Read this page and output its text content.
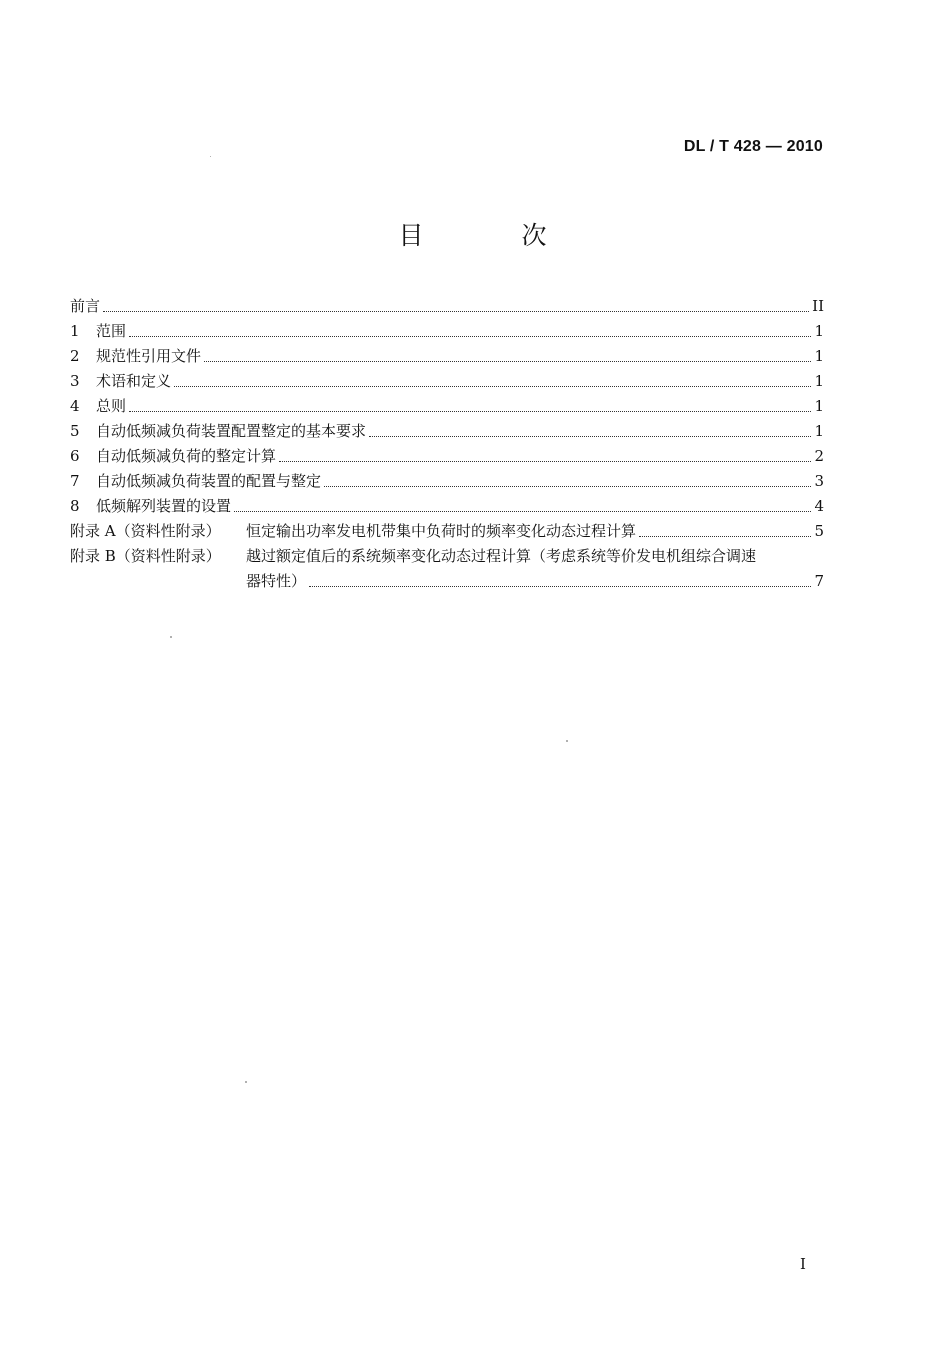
DL / T 428 — 2010
目 次
前言	II
1	范围	1
2	规范性引用文件	1
3	术语和定义	1
4	总则	1
5	自动低频减负荷装置配置整定的基本要求	1
6	自动低频减负荷的整定计算	2
7	自动低频减负荷装置的配置与整定	3
8	低频解列装置的设置	4
附录 A（资料性附录）	恒定输出功率发电机带集中负荷时的频率变化动态过程计算	5
附录 B（资料性附录）	越过额定值后的系统频率变化动态过程计算（考虑系统等价发电机组综合调速
器特性）	7
I
